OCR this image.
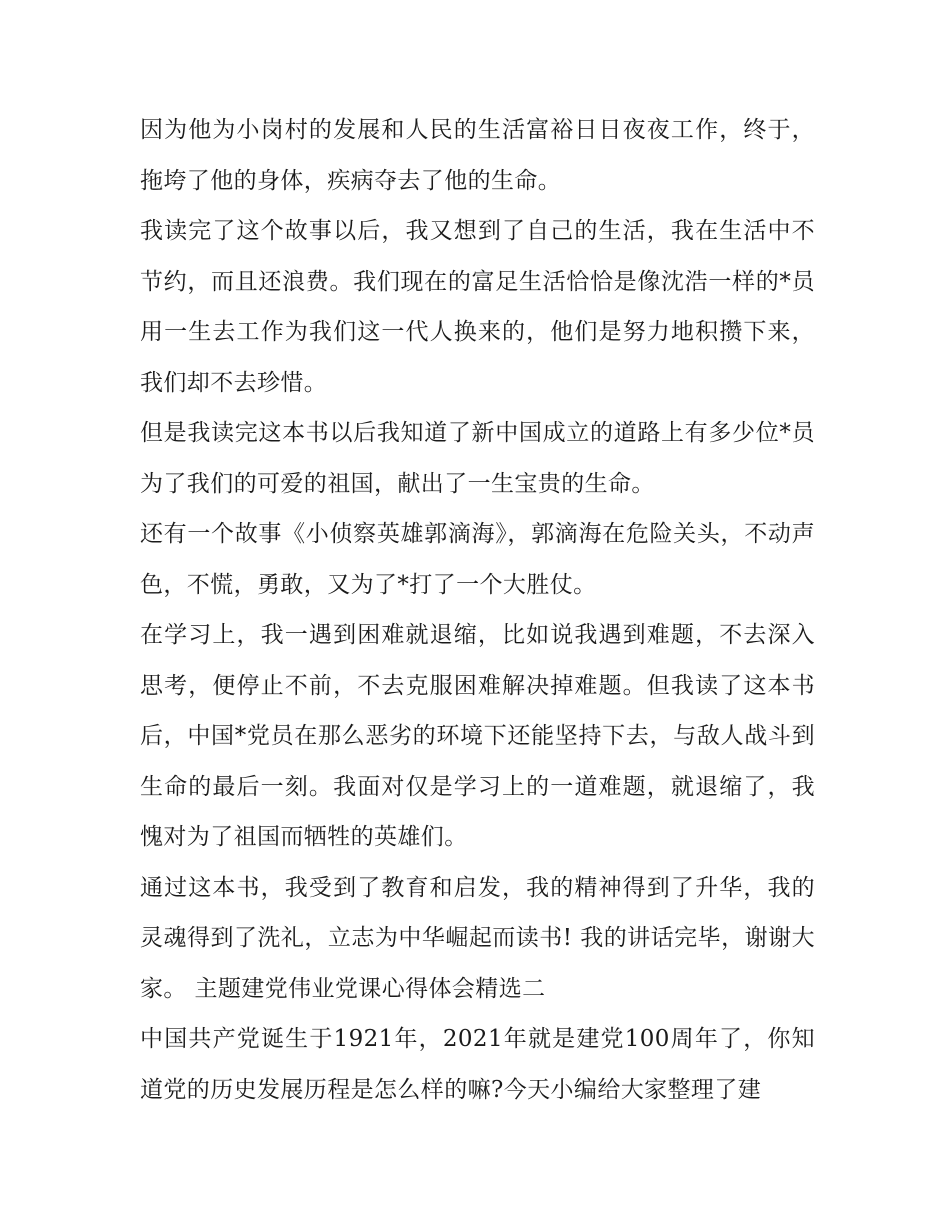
因为他为小岗村的发展和人民的生活富裕日日夜夜工作，终于，拖垮了他的身体，疾病夺去了他的生命。

我读完了这个故事以后，我又想到了自己的生活，我在生活中不节约，而且还浪费。我们现在的富足生活恰恰是像沈浩一样的*员用一生去工作为我们这一代人换来的，他们是努力地积攒下来，我们却不去珍惜。

但是我读完这本书以后我知道了新中国成立的道路上有多少位*员为了我们的可爱的祖国，献出了一生宝贵的生命。

还有一个故事《小侦察英雄郭滴海》，郭滴海在危险关头，不动声色，不慌，勇敢，又为了*打了一个大胜仗。

在学习上，我一遇到困难就退缩，比如说我遇到难题，不去深入思考，便停止不前，不去克服困难解决掉难题。但我读了这本书后，中国*党员在那么恶劣的环境下还能坚持下去，与敌人战斗到生命的最后一刻。我面对仅是学习上的一道难题，就退缩了，我愧对为了祖国而牺牲的英雄们。

通过这本书，我受到了教育和启发，我的精神得到了升华，我的灵魂得到了洗礼，立志为中华崛起而读书! 我的讲话完毕，谢谢大家。 主题建党伟业党课心得体会精选二

中国共产党诞生于1921年，2021年就是建党100周年了，你知道党的历史发展历程是怎么样的嘛?今天小编给大家整理了建
